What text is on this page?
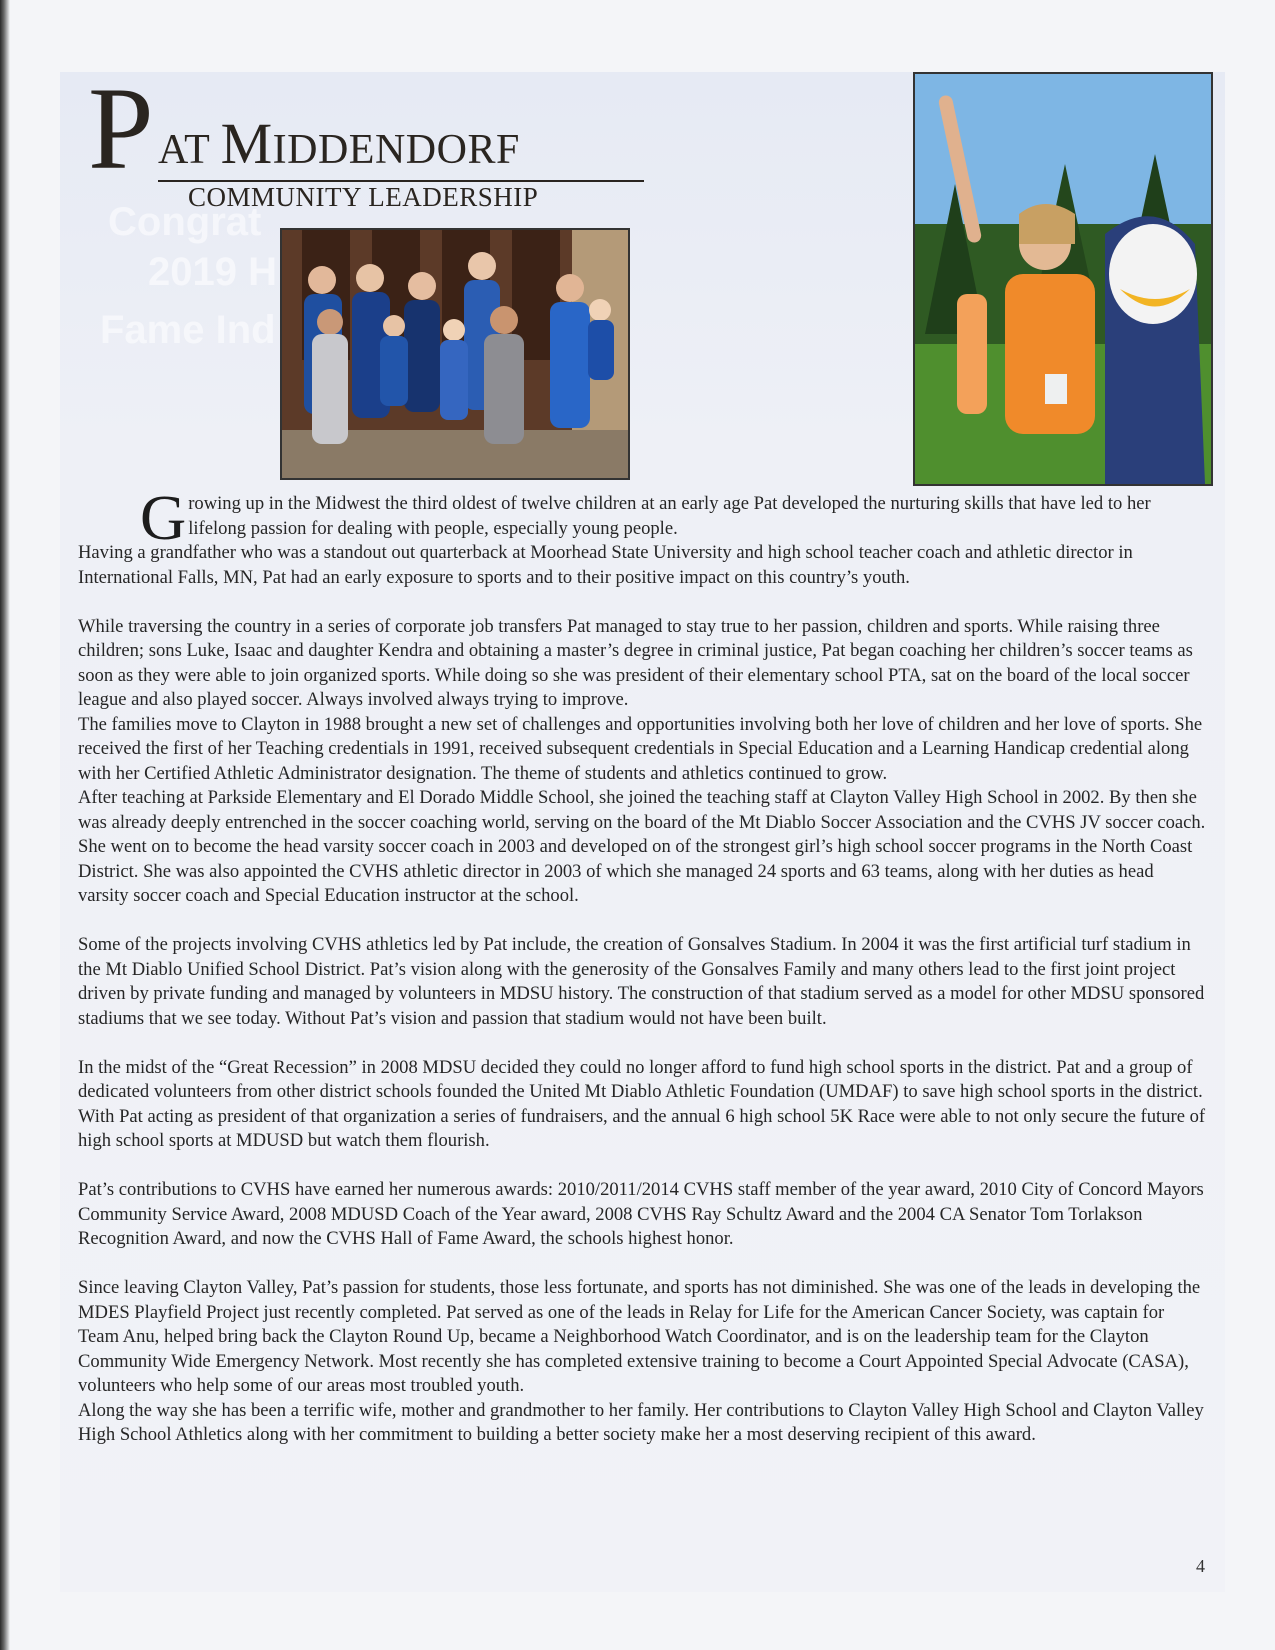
Congrat
2019 H
Fame Ind
P AT MIDDENDORF
COMMUNITY LEADERSHIP

Growing up in the Midwest the third oldest of twelve children at an early age Pat developed the nurturing skills that have led to her lifelong passion for dealing with people, especially young people.

Having a grandfather who was a standout out quarterback at Moorhead State University and high school teacher coach and athletic director in International Falls, MN, Pat had an early exposure to sports and to their positive impact on this country’s youth.

While traversing the country in a series of corporate job transfers Pat managed to stay true to her passion, children and sports. While raising three children; sons Luke, Isaac and daughter Kendra and obtaining a master’s degree in criminal justice, Pat began coaching her children’s soccer teams as soon as they were able to join organized sports. While doing so she was president of their elementary school PTA, sat on the board of the local soccer league and also played soccer. Always involved always trying to improve.

The families move to Clayton in 1988 brought a new set of challenges and opportunities involving both her love of children and her love of sports. She received the first of her Teaching credentials in 1991, received subsequent credentials in Special Education and a Learning Handicap credential along with her Certified Athletic Administrator designation. The theme of students and athletics continued to grow.

After teaching at Parkside Elementary and El Dorado Middle School, she joined the teaching staff at Clayton Valley High School in 2002. By then she was already deeply entrenched in the soccer coaching world, serving on the board of the Mt Diablo Soccer Association and the CVHS JV soccer coach. She went on to become the head varsity soccer coach in 2003 and developed on of the strongest girl’s high school soccer programs in the North Coast District. She was also appointed the CVHS athletic director in 2003 of which she managed 24 sports and 63 teams, along with her duties as head varsity soccer coach and Special Education instructor at the school.

Some of the projects involving CVHS athletics led by Pat include, the creation of Gonsalves Stadium. In 2004 it was the first artificial turf stadium in the Mt Diablo Unified School District. Pat’s vision along with the generosity of the Gonsalves Family and many others lead to the first joint project driven by private funding and managed by volunteers in MDSU history. The construction of that stadium served as a model for other MDSU sponsored stadiums that we see today. Without Pat’s vision and passion that stadium would not have been built.

In the midst of the “Great Recession” in 2008 MDSU decided they could no longer afford to fund high school sports in the district. Pat and a group of dedicated volunteers from other district schools founded the United Mt Diablo Athletic Foundation (UMDAF) to save high school sports in the district. With Pat acting as president of that organization a series of fundraisers, and the annual 6 high school 5K Race were able to not only secure the future of high school sports at MDUSD but watch them flourish.

Pat’s contributions to CVHS have earned her numerous awards: 2010/2011/2014 CVHS staff member of the year award, 2010 City of Concord Mayors Community Service Award, 2008 MDUSD Coach of the Year award, 2008 CVHS Ray Schultz Award and the 2004 CA Senator Tom Torlakson Recognition Award, and now the CVHS Hall of Fame Award, the schools highest honor.

Since leaving Clayton Valley, Pat’s passion for students, those less fortunate, and sports has not diminished. She was one of the leads in developing the MDES Playfield Project just recently completed. Pat served as one of the leads in Relay for Life for the American Cancer Society, was captain for Team Anu, helped bring back the Clayton Round Up, became a Neighborhood Watch Coordinator, and is on the leadership team for the Clayton Community Wide Emergency Network. Most recently she has completed extensive training to become a Court Appointed Special Advocate (CASA), volunteers who help some of our areas most troubled youth.

Along the way she has been a terrific wife, mother and grandmother to her family. Her contributions to Clayton Valley High School and Clayton Valley High School Athletics along with her commitment to building a better society make her a most deserving recipient of this award.

4
